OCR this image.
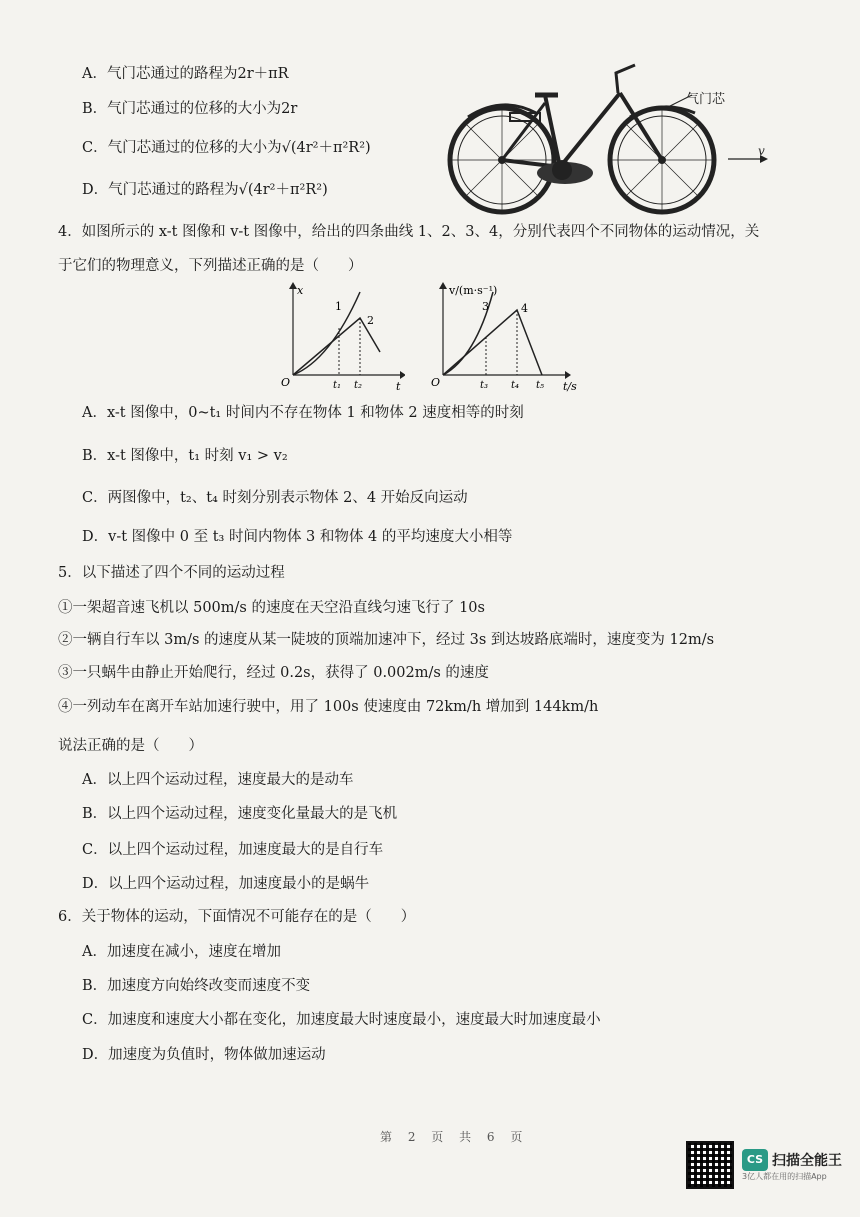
A．气门芯通过的路程为2r＋πR
B．气门芯通过的位移的大小为2r
C．气门芯通过的位移的大小为√(4r²＋π²R²)
D．气门芯通过的路程为√(4r²＋π²R²)
气门芯
v
4．如图所示的 x-t 图像和 v-t 图像中，给出的四条曲线 1、2、3、4，分别代表四个不同物体的运动情况，关
于它们的物理意义，下列描述正确的是（　　）
x
t
O
1
2
t₁ t₂
v/(m·s⁻¹)
t/s
O
3	4
t₃ t₄ t₅
A．x-t 图像中，0~t₁ 时间内不存在物体 1 和物体 2 速度相等的时刻
B．x-t 图像中，t₁ 时刻 v₁ > v₂
C．两图像中，t₂、t₄ 时刻分别表示物体 2、4 开始反向运动
D．v-t 图像中 0 至 t₃ 时间内物体 3 和物体 4 的平均速度大小相等
5．以下描述了四个不同的运动过程
①一架超音速飞机以 500m/s 的速度在天空沿直线匀速飞行了 10s
②一辆自行车以 3m/s 的速度从某一陡坡的顶端加速冲下，经过 3s 到达坡路底端时，速度变为 12m/s
③一只蜗牛由静止开始爬行，经过 0.2s，获得了 0.002m/s 的速度
④一列动车在离开车站加速行驶中，用了 100s 使速度由 72km/h 增加到 144km/h
说法正确的是（　　）
A．以上四个运动过程，速度最大的是动车
B．以上四个运动过程，速度变化量最大的是飞机
C．以上四个运动过程，加速度最大的是自行车
D．以上四个运动过程，加速度最小的是蜗牛
6．关于物体的运动，下面情况不可能存在的是（　　）
A．加速度在减小，速度在增加
B．加速度方向始终改变而速度不变
C．加速度和速度大小都在变化，加速度最大时速度最小，速度最大时加速度最小
D．加速度为负值时，物体做加速运动
第 2 页 共 6 页
CS 扫描全能王
3亿人都在用的扫描App
